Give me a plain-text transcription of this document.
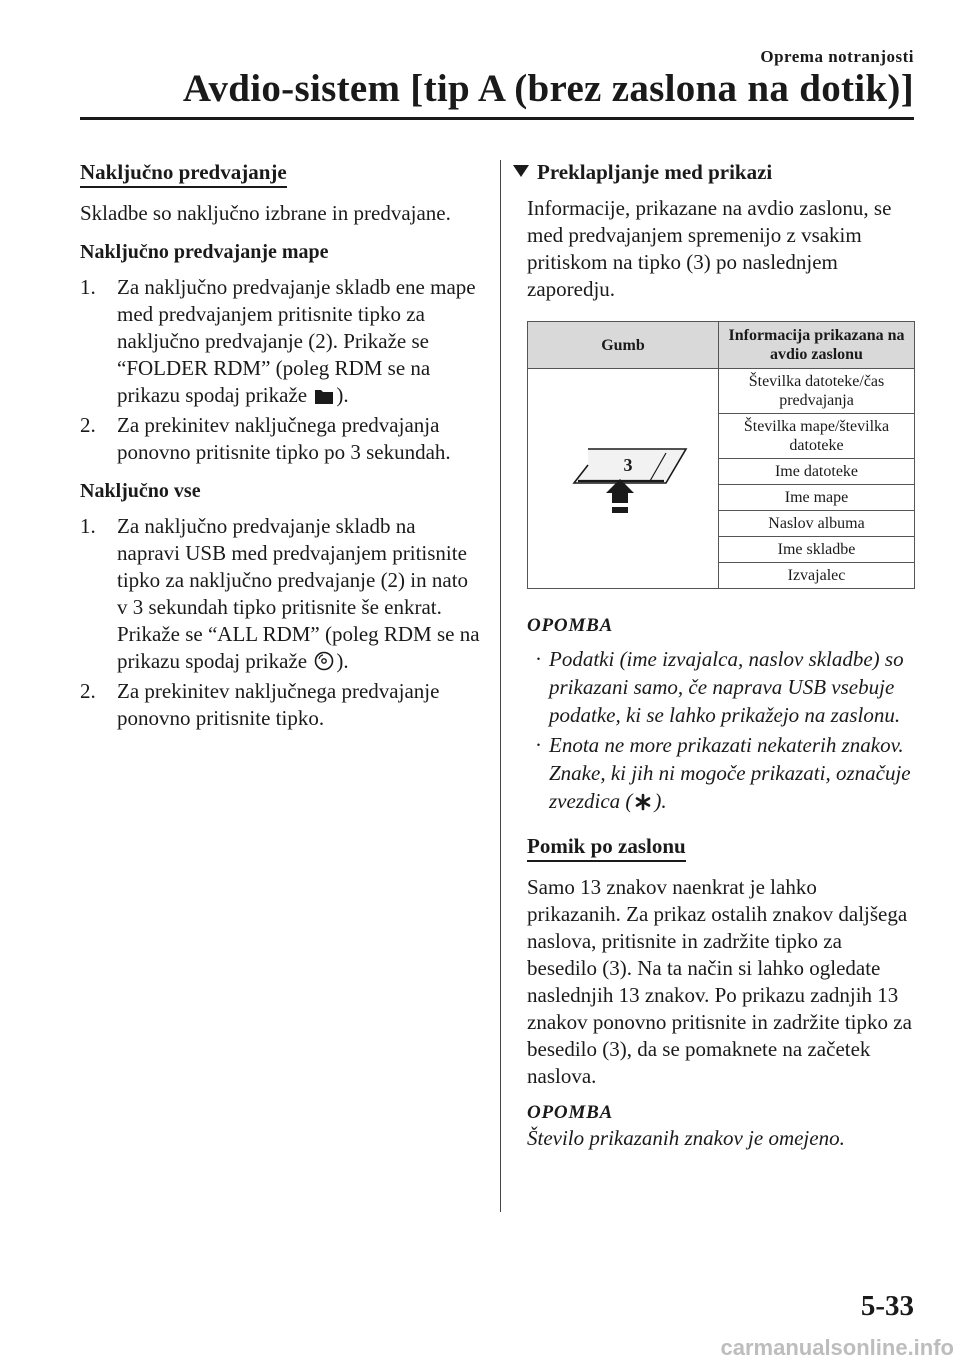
Oprema notranjosti
Avdio-sistem [tip A (brez zaslona na dotik)]
Naključno predvajanje

Skladbe so naključno izbrane in predvajane.

Naključno predvajanje mape
1. Za naključno predvajanje skladb ene mape med predvajanjem pritisnite tipko za naključno predvajanje (2). Prikaže se “FOLDER RDM” (poleg RDM se na prikazu spodaj prikaže ).
2. Za prekinitev naključnega predvajanja ponovno pritisnite tipko po 3 sekundah.
Naključno vse
1. Za naključno predvajanje skladb na napravi USB med predvajanjem pritisnite tipko za naključno predvajanje (2) in nato v 3 sekundah tipko pritisnite še enkrat. Prikaže se “ALL RDM” (poleg RDM se na prikazu spodaj prikaže ).
2. Za prekinitev naključnega predvajanje ponovno pritisnite tipko.
Preklapljanje med prikazi

Informacije, prikazane na avdio zaslonu, se med predvajanjem spremenijo z vsakim pritiskom na tipko (3) po naslednjem zaporedju.

Gumb	Informacija prikazana na avdio zaslonu

3	Številka datoteke/čas predvajanja
	Številka mape/številka datoteke
	Ime datoteke
	Ime mape
	Naslov albuma
	Ime skladbe
	Izvajalec
OPOMBA
· Podatki (ime izvajalca, naslov skladbe) so prikazani samo, če naprava USB vsebuje podatke, ki se lahko prikažejo na zaslonu.
· Enota ne more prikazati nekaterih znakov. Znake, ki jih ni mogoče prikazati, označuje zvezdica ( ).
Pomik po zaslonu

Samo 13 znakov naenkrat je lahko prikazanih. Za prikaz ostalih znakov daljšega naslova, pritisnite in zadržite tipko za besedilo (3). Na ta način si lahko ogledate naslednjih 13 znakov. Po prikazu zadnjih 13 znakov ponovno pritisnite in zadržite tipko za besedilo (3), da se pomaknete na začetek naslova.

OPOMBA

Število prikazanih znakov je omejeno.

5-33
carmanualsonline.info
